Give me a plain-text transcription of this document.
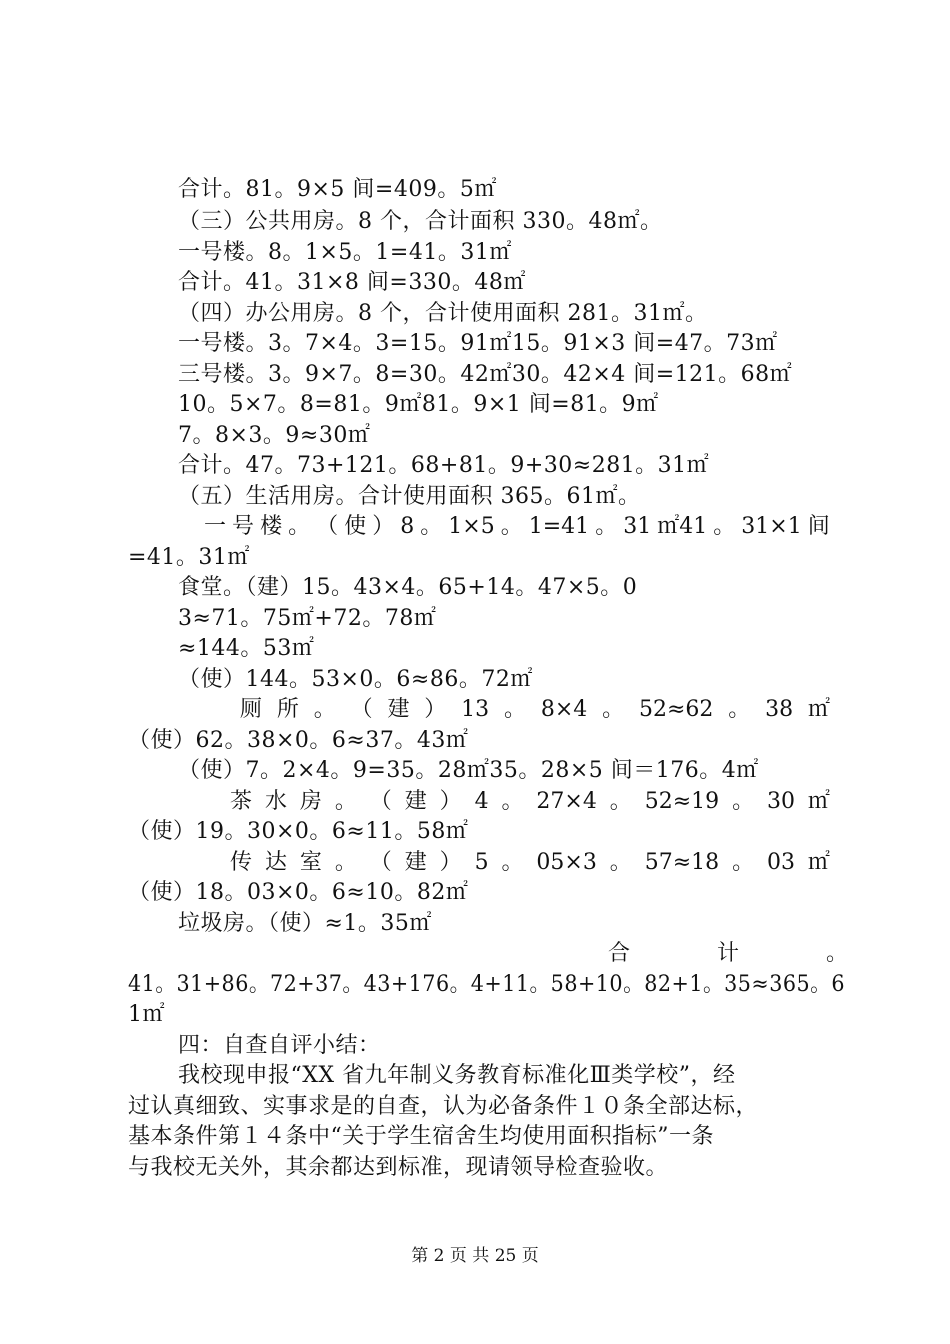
合计。81。9×5 间=409。5㎡
（三）公共用房。8 个，合计面积 330。48㎡。
一号楼。8。1×5。1=41。31㎡
合计。41。31×8 间=330。48㎡
（四）办公用房。8 个，合计使用面积 281。31㎡。
一号楼。3。7×4。3=15。91㎡15。91×3 间=47。73㎡
三号楼。3。9×7。8=30。42㎡30。42×4 间=121。68㎡
10。5×7。8=81。9㎡81。9×1 间=81。9㎡
7。8×3。9≈30㎡
合计。47。73+121。68+81。9+30≈281。31㎡
（五）生活用房。合计使用面积 365。61㎡。
一 号 楼 。 （ 使 ） 8 。 1×5 。 1=41 。 31 ㎡41 。 31×1 间
=41。31㎡
食堂。（建）15。43×4。65+14。47×5。0
3≈71。75㎡+72。78㎡
≈144。53㎡
（使）144。53×0。6≈86。72㎡
厕 所 。 （ 建 ） 13 。 8×4 。 52≈62 。 38 ㎡
（使）62。38×0。6≈37。43㎡
（使）7。2×4。9=35。28㎡35。28×5 间＝176。4㎡
茶 水 房 。 （ 建 ） 4 。 27×4 。 52≈19 。 30 ㎡
（使）19。30×0。6≈11。58㎡
传 达 室 。 （ 建 ） 5 。 05×3 。 57≈18 。 03 ㎡
（使）18。03×0。6≈10。82㎡
垃圾房。（使）≈1。35㎡
合	计	。
41。31+86。72+37。43+176。4+11。58+10。82+1。35≈365。6
1㎡
四：自查自评小结：
我校现申报“XX 省九年制义务教育标准化Ⅲ类学校”，经
过认真细致、实事求是的自查，认为必备条件１０条全部达标，
基本条件第１４条中“关于学生宿舍生均使用面积指标”一条
与我校无关外，其余都达到标准，现请领导检查验收。
第 2 页 共 25 页
